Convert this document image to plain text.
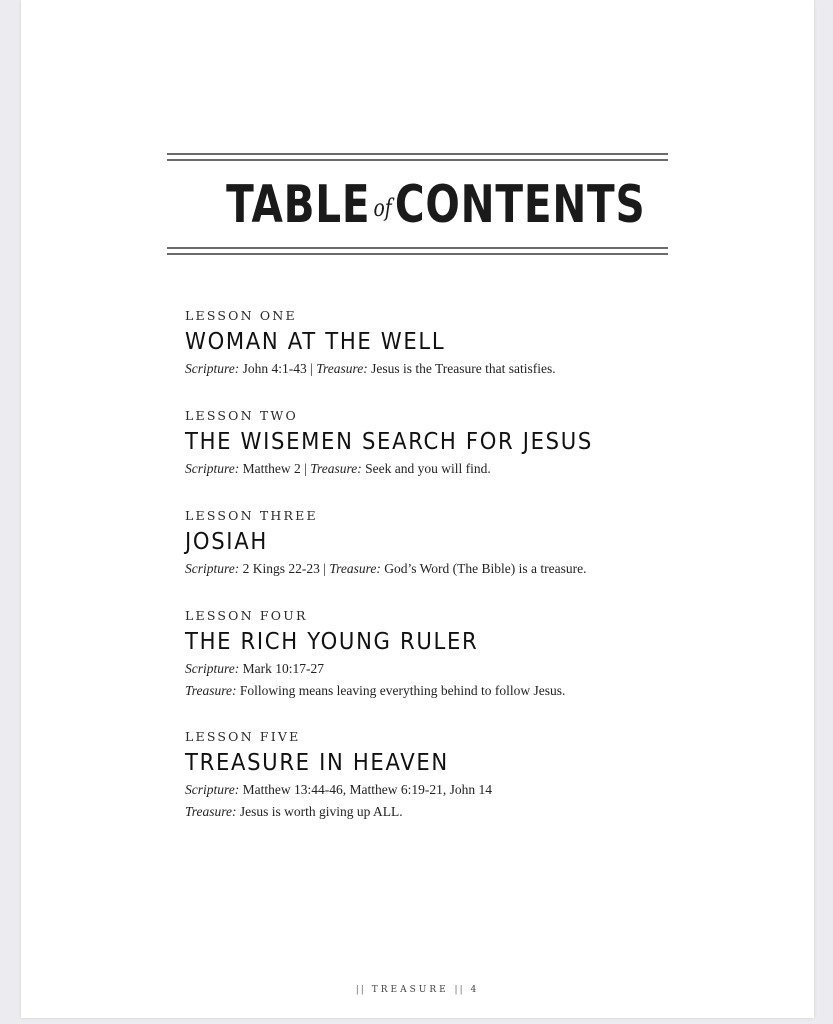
TABLE ofCONTENTS
LESSON ONE
WOMAN AT THE WELL
Scripture: John 4:1-43 | Treasure: Jesus is the Treasure that satisfies.
LESSON TWO
THE WISEMEN SEARCH FOR JESUS
Scripture: Matthew 2 | Treasure: Seek and you will find.
LESSON THREE
JOSIAH
Scripture: 2 Kings 22-23 | Treasure: God’s Word (The Bible) is a treasure.
LESSON FOUR
THE RICH YOUNG RULER
Scripture: Mark 10:17-27
Treasure: Following means leaving everything behind to follow Jesus.
LESSON FIVE
TREASURE IN HEAVEN
Scripture: Matthew 13:44-46, Matthew 6:19-21, John 14
Treasure: Jesus is worth giving up ALL.
|| TREASURE || 4
